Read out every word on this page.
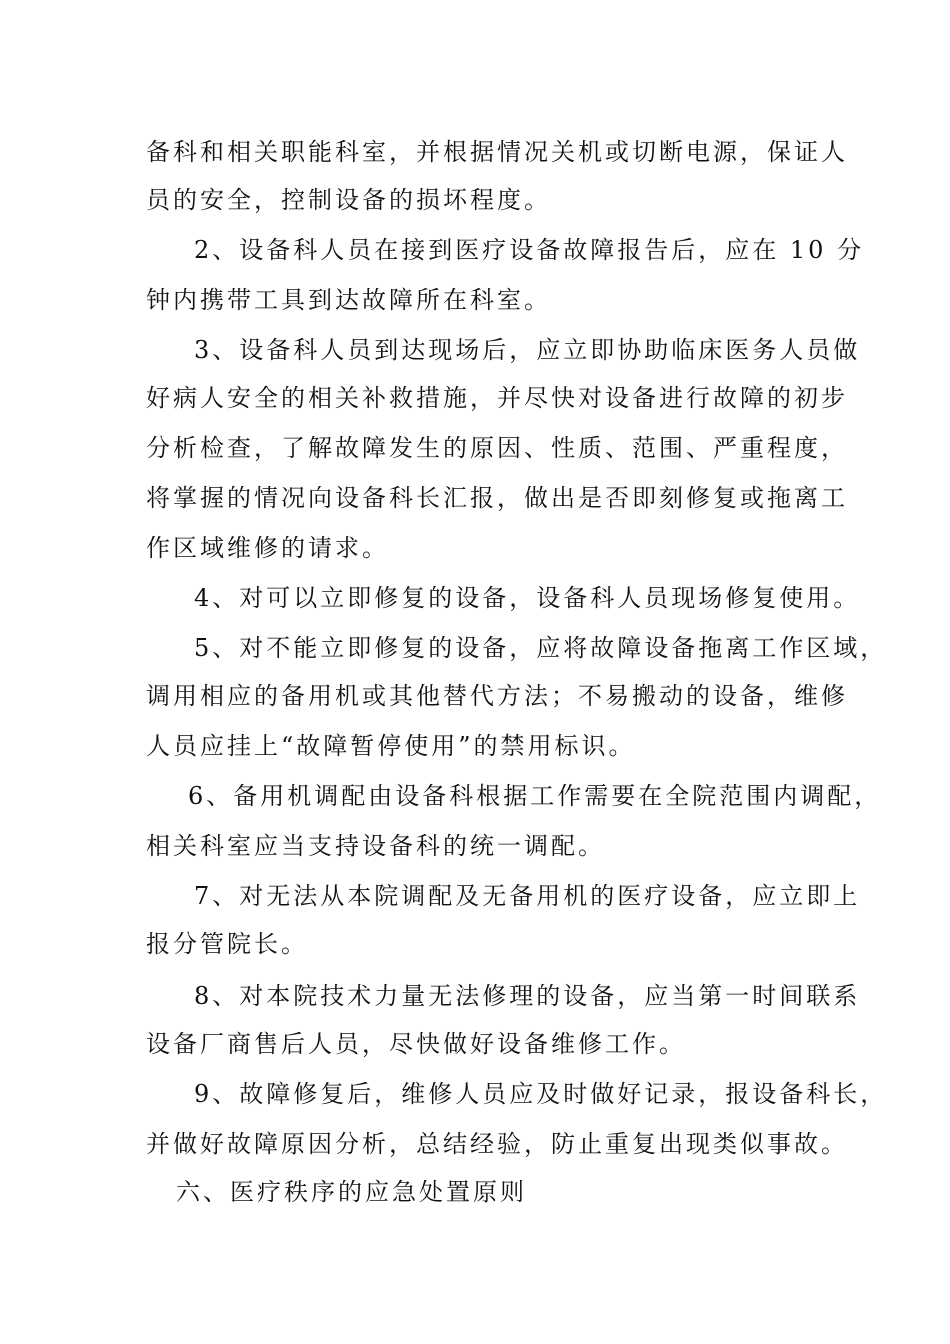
备科和相关职能科室，并根据情况关机或切断电源，保证人
员的安全，控制设备的损坏程度。
2、设备科人员在接到医疗设备故障报告后，应在 10 分
钟内携带工具到达故障所在科室。
3、设备科人员到达现场后，应立即协助临床医务人员做
好病人安全的相关补救措施，并尽快对设备进行故障的初步
分析检查，了解故障发生的原因、性质、范围、严重程度，
将掌握的情况向设备科长汇报，做出是否即刻修复或拖离工
作区域维修的请求。
4、对可以立即修复的设备，设备科人员现场修复使用。
5、对不能立即修复的设备，应将故障设备拖离工作区域，
调用相应的备用机或其他替代方法；不易搬动的设备，维修
人员应挂上“故障暂停使用”的禁用标识。
6、备用机调配由设备科根据工作需要在全院范围内调配，
相关科室应当支持设备科的统一调配。
7、对无法从本院调配及无备用机的医疗设备，应立即上
报分管院长。
8、对本院技术力量无法修理的设备，应当第一时间联系
设备厂商售后人员，尽快做好设备维修工作。
9、故障修复后，维修人员应及时做好记录，报设备科长，
并做好故障原因分析，总结经验，防止重复出现类似事故。
六、医疗秩序的应急处置原则
